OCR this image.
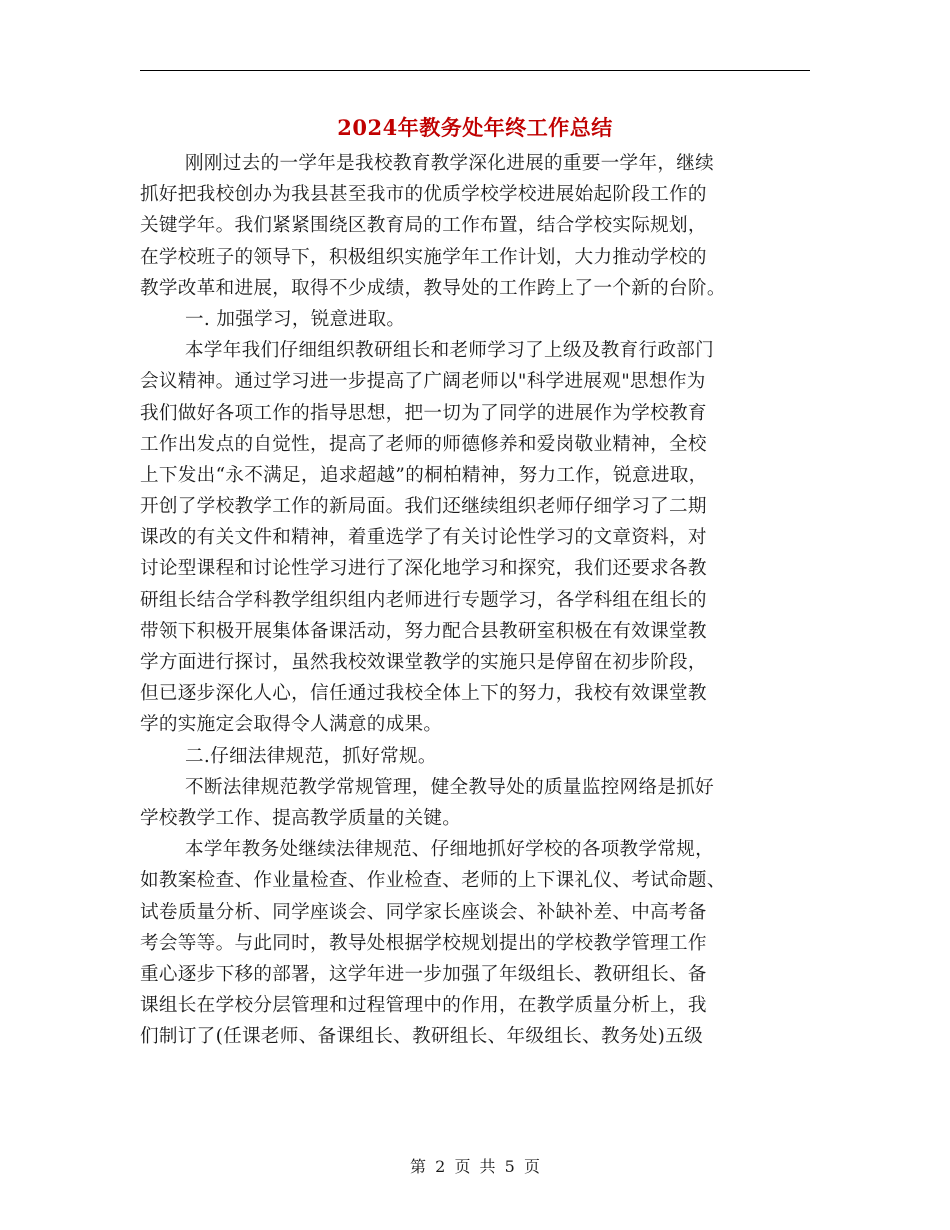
2024年教务处年终工作总结
刚刚过去的一学年是我校教育教学深化进展的重要一学年，继续
抓好把我校创办为我县甚至我市的优质学校学校进展始起阶段工作的
关键学年。我们紧紧围绕区教育局的工作布置，结合学校实际规划，
在学校班子的领导下，积极组织实施学年工作计划，大力推动学校的
教学改革和进展，取得不少成绩，教导处的工作跨上了一个新的台阶。
一. 加强学习，锐意进取。
本学年我们仔细组织教研组长和老师学习了上级及教育行政部门
会议精神。通过学习进一步提高了广阔老师以"科学进展观"思想作为
我们做好各项工作的指导思想，把一切为了同学的进展作为学校教育
工作出发点的自觉性，提高了老师的师德修养和爱岗敬业精神，全校
上下发出“永不满足，追求超越”的桐柏精神，努力工作，锐意进取，
开创了学校教学工作的新局面。我们还继续组织老师仔细学习了二期
课改的有关文件和精神，着重选学了有关讨论性学习的文章资料，对
讨论型课程和讨论性学习进行了深化地学习和探究，我们还要求各教
研组长结合学科教学组织组内老师进行专题学习，各学科组在组长的
带领下积极开展集体备课活动，努力配合县教研室积极在有效课堂教
学方面进行探讨，虽然我校效课堂教学的实施只是停留在初步阶段，
但已逐步深化人心，信任通过我校全体上下的努力，我校有效课堂教
学的实施定会取得令人满意的成果。
二.仔细法律规范，抓好常规。
不断法律规范教学常规管理，健全教导处的质量监控网络是抓好
学校教学工作、提高教学质量的关键。
本学年教务处继续法律规范、仔细地抓好学校的各项教学常规，
如教案检查、作业量检查、作业检查、老师的上下课礼仪、考试命题、
试卷质量分析、同学座谈会、同学家长座谈会、补缺补差、中高考备
考会等等。与此同时，教导处根据学校规划提出的学校教学管理工作
重心逐步下移的部署，这学年进一步加强了年级组长、教研组长、备
课组长在学校分层管理和过程管理中的作用，在教学质量分析上，我
们制订了(任课老师、备课组长、教研组长、年级组长、教务处)五级
第 2 页 共 5 页
